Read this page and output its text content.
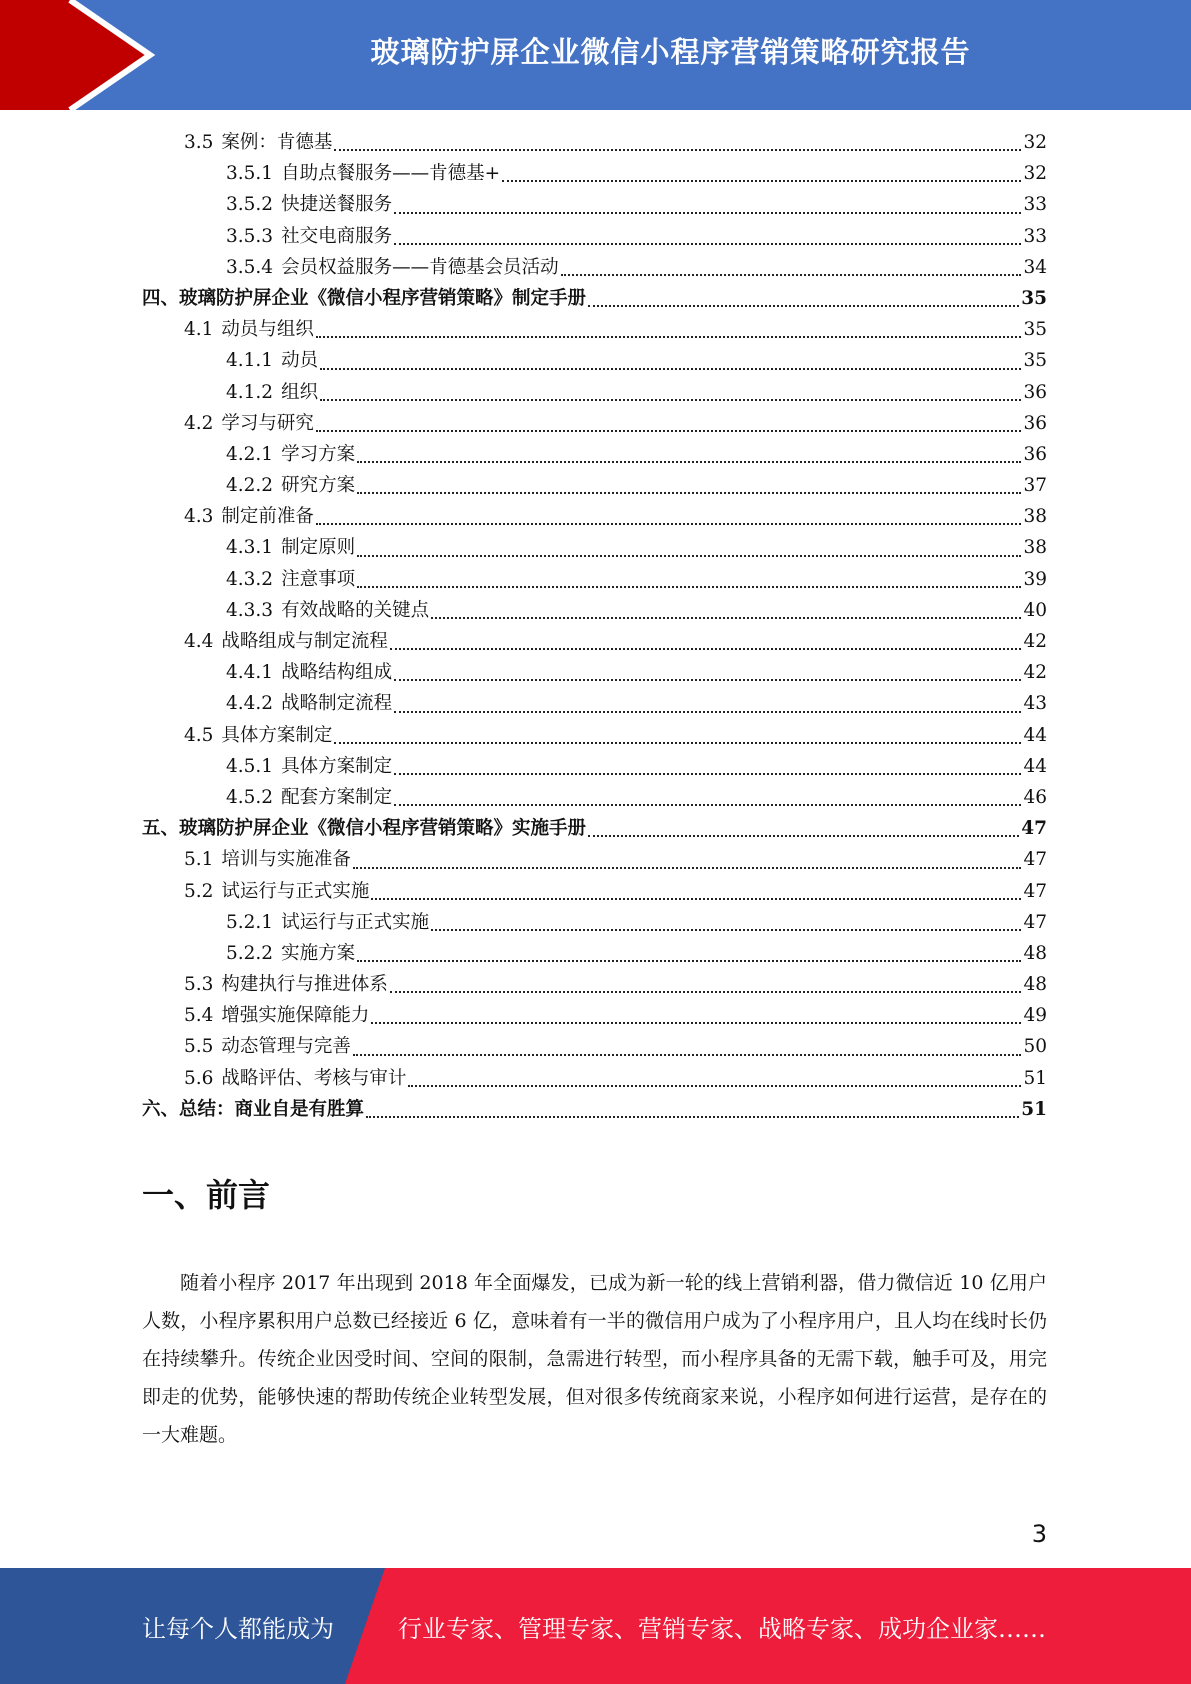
玻璃防护屏企业微信小程序营销策略研究报告
3.5 案例：肯德基	32
3.5.1 自助点餐服务——肯德基+	32
3.5.2 快捷送餐服务	33
3.5.3 社交电商服务	33
3.5.4 会员权益服务——肯德基会员活动	34
四、玻璃防护屏企业《微信小程序营销策略》制定手册	35
4.1 动员与组织	35
4.1.1 动员	35
4.1.2 组织	36
4.2 学习与研究	36
4.2.1 学习方案	36
4.2.2 研究方案	37
4.3 制定前准备	38
4.3.1 制定原则	38
4.3.2 注意事项	39
4.3.3 有效战略的关键点	40
4.4 战略组成与制定流程	42
4.4.1 战略结构组成	42
4.4.2 战略制定流程	43
4.5 具体方案制定	44
4.5.1 具体方案制定	44
4.5.2 配套方案制定	46
五、玻璃防护屏企业《微信小程序营销策略》实施手册	47
5.1 培训与实施准备	47
5.2 试运行与正式实施	47
5.2.1 试运行与正式实施	47
5.2.2 实施方案	48
5.3 构建执行与推进体系	48
5.4 增强实施保障能力	49
5.5 动态管理与完善	50
5.6 战略评估、考核与审计	51
六、总结：商业自是有胜算	51
一、前言
随着小程序 2017 年出现到 2018 年全面爆发，已成为新一轮的线上营销利器，借力微信近 10 亿用户人数，小程序累积用户总数已经接近 6 亿，意味着有一半的微信用户成为了小程序用户，且人均在线时长仍在持续攀升。传统企业因受时间、空间的限制，急需进行转型，而小程序具备的无需下载，触手可及，用完即走的优势，能够快速的帮助传统企业转型发展，但对很多传统商家来说，小程序如何进行运营，是存在的一大难题。
3
让每个人都能成为	行业专家、管理专家、营销专家、战略专家、成功企业家……
